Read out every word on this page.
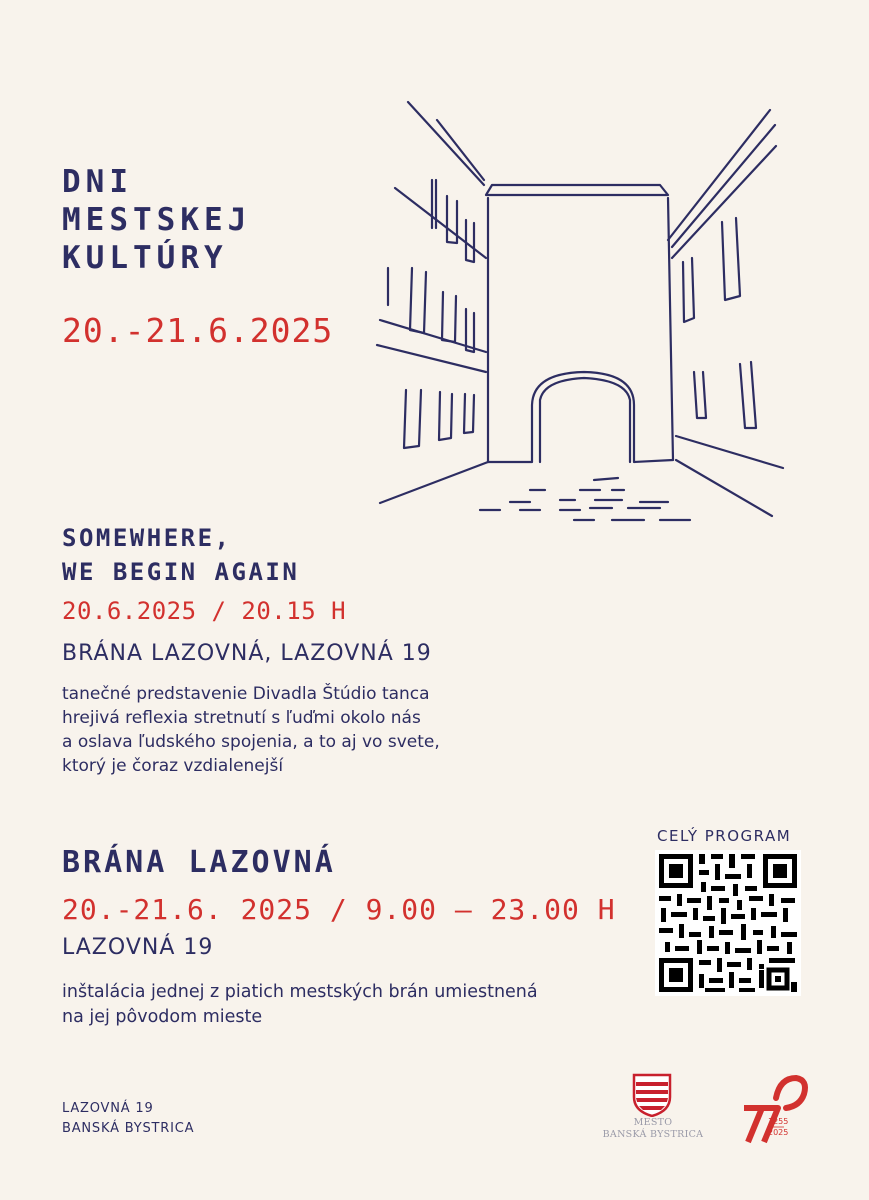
DNI
MESTSKEJ
KULTÚRY
20.-21.6.2025
SOMEWHERE,
WE BEGIN AGAIN
20.6.2025 / 20.15 H
BRÁNA LAZOVNÁ, LAZOVNÁ 19
tanečné predstavenie Divadla Štúdio tanca
hrejivá reflexia stretnutí s ľuďmi okolo nás
a oslava ľudského spojenia, a to aj vo svete,
ktorý je čoraz vzdialenejší
BRÁNA LAZOVNÁ
20.-21.6. 2025 / 9.00 – 23.00 H
LAZOVNÁ 19
inštalácia jednej z piatich mestských brán umiestnená
na jej pôvodom mieste
CELÝ PROGRAM
LAZOVNÁ 19
BANSKÁ BYSTRICA	MESTO
BANSKÁ BYSTRICA
1255
2025
